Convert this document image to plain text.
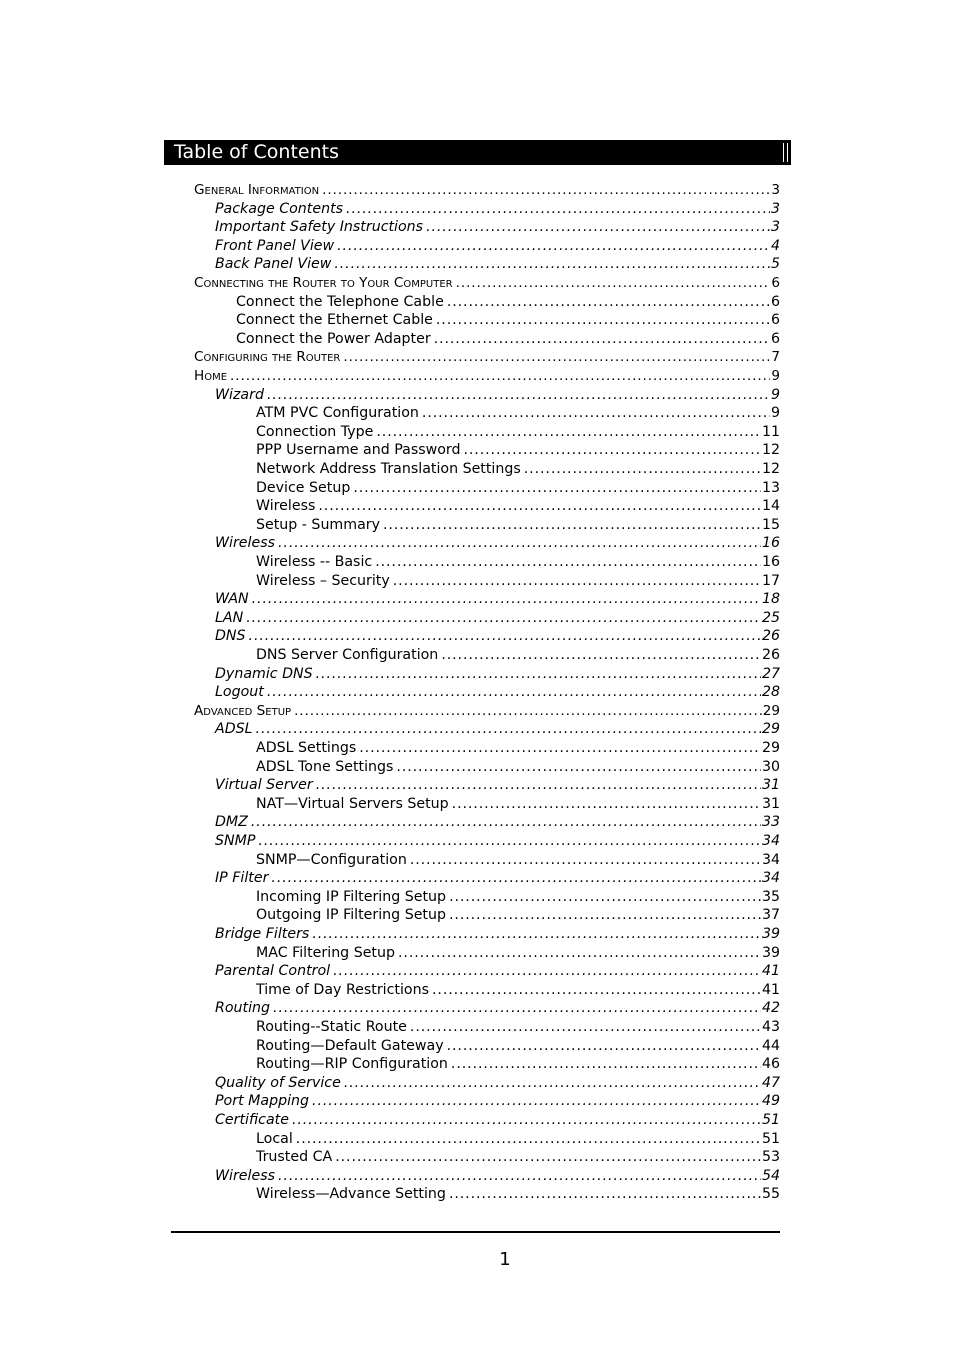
Table of Contents
General Information .....	3
Package Contents .....	3
Important Safety Instructions .....	3
Front Panel View .....	4
Back Panel View .....	5
Connecting the Router to Your Computer .....	6
Connect the Telephone Cable .....	6
Connect the Ethernet Cable .....	6
Connect the Power Adapter .....	6
Configuring the Router .....	7
Home .....	9
Wizard .....	9
ATM PVC Configuration .....	9
Connection Type .....	11
PPP Username and Password .....	12
Network Address Translation Settings .....	12
Device Setup .....	13
Wireless .....	14
Setup - Summary .....	15
Wireless .....	16
Wireless -- Basic .....	16
Wireless – Security .....	17
WAN .....	18
LAN .....	25
DNS .....	26
DNS Server Configuration .....	26
Dynamic DNS .....	27
Logout .....	28
Advanced Setup .....	29
ADSL .....	29
ADSL Settings .....	29
ADSL Tone Settings .....	30
Virtual Server .....	31
NAT—Virtual Servers Setup .....	31
DMZ .....	33
SNMP .....	34
SNMP—Configuration .....	34
IP Filter .....	34
Incoming IP Filtering Setup .....	35
Outgoing IP Filtering Setup .....	37
Bridge Filters .....	39
MAC Filtering Setup .....	39
Parental Control .....	41
Time of Day Restrictions .....	41
Routing .....	42
Routing--Static Route .....	43
Routing—Default Gateway .....	44
Routing—RIP Configuration .....	46
Quality of Service .....	47
Port Mapping .....	49
Certificate .....	51
Local .....	51
Trusted CA .....	53
Wireless .....	54
Wireless—Advance Setting .....	55
1
